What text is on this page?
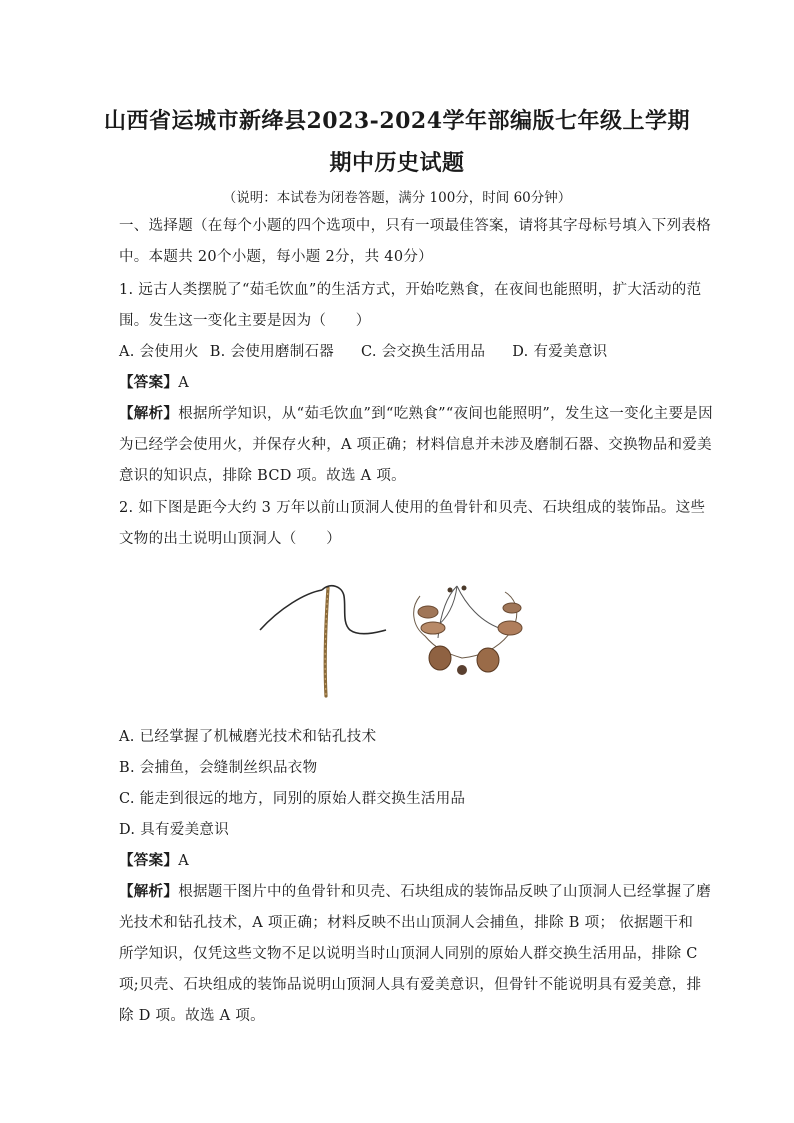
山西省运城市新绛县2023-2024学年部编版七年级上学期
期中历史试题
（说明：本试卷为闭卷答题，满分 100分，时间 60分钟）
一、选择题（在每个小题的四个选项中，只有一项最佳答案，请将其字母标号填入下列表格
中。本题共 20个小题，每小题 2分，共 40分）
1. 远古人类摆脱了“茹毛饮血”的生活方式，开始吃熟食，在夜间也能照明，扩大活动的范
围。发生这一变化主要是因为（　　）
A. 会使用火 B. 会使用磨制石器 C. 会交换生活用品 D. 有爱美意识
【答案】A
【解析】根据所学知识，从“茹毛饮血”到“吃熟食”“夜间也能照明”，发生这一变化主要是因
为已经学会使用火，并保存火种，A 项正确；材料信息并未涉及磨制石器、交换物品和爱美
意识的知识点，排除 BCD 项。故选 A 项。
2. 如下图是距今大约 3 万年以前山顶洞人使用的鱼骨针和贝壳、石块组成的装饰品。这些
文物的出土说明山顶洞人（　　）
A. 已经掌握了机械磨光技术和钻孔技术
B. 会捕鱼，会缝制丝织品衣物
C. 能走到很远的地方，同别的原始人群交换生活用品
D. 具有爱美意识
【答案】A
【解析】根据题干图片中的鱼骨针和贝壳、石块组成的装饰品反映了山顶洞人已经掌握了磨
光技术和钻孔技术，A 项正确；材料反映不出山顶洞人会捕鱼，排除 B 项； 依据题干和
所学知识，仅凭这些文物不足以说明当时山顶洞人同别的原始人群交换生活用品，排除 C
项;贝壳、石块组成的装饰品说明山顶洞人具有爱美意识，但骨针不能说明具有爱美意，排
除 D 项。故选 A 项。
